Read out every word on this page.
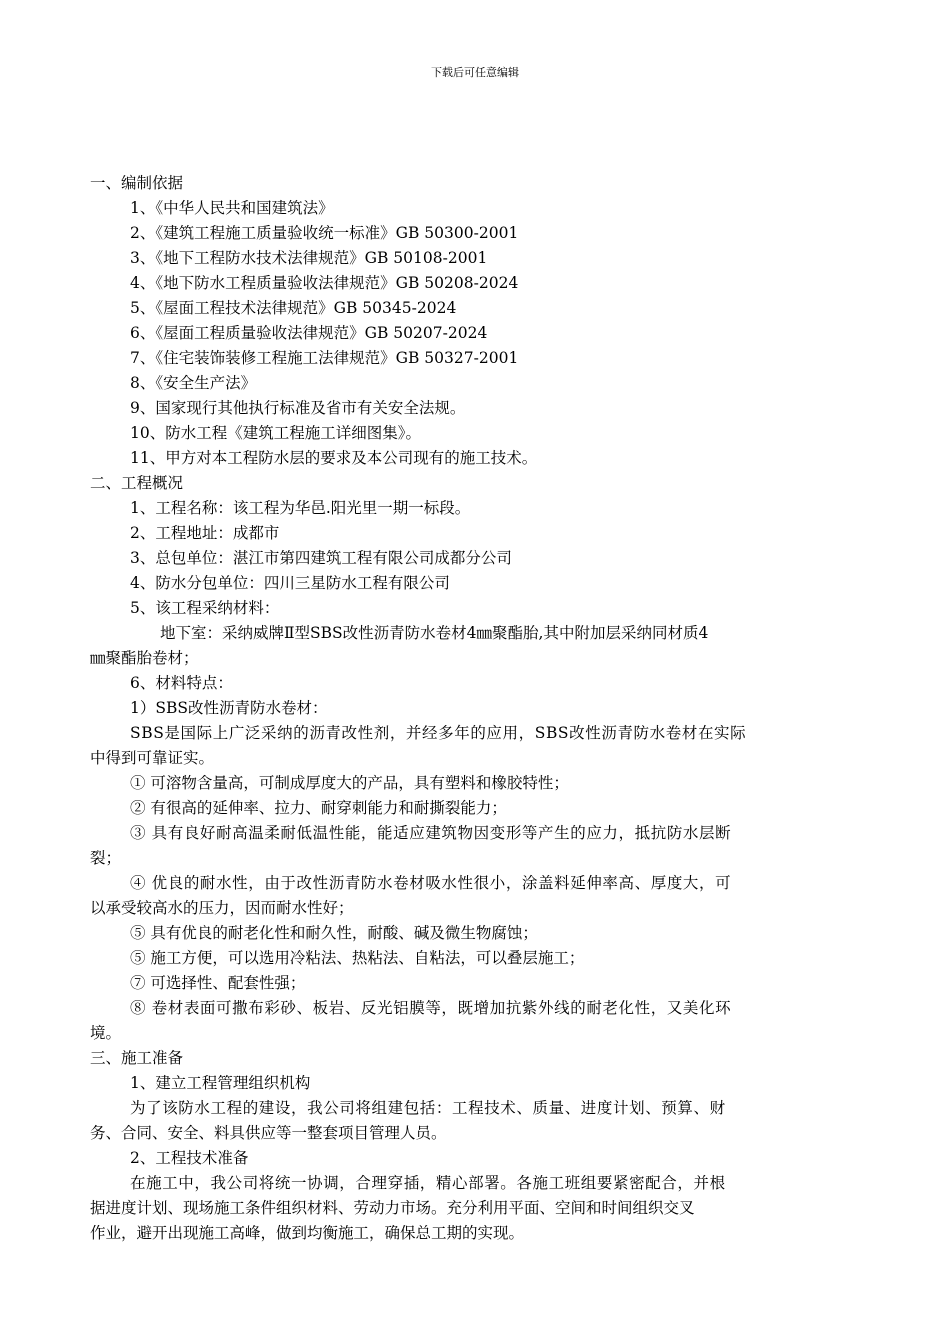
下载后可任意编辑
一、编制依据
1、《中华人民共和国建筑法》
2、《建筑工程施工质量验收统一标准》GB 50300-2001
3、《地下工程防水技术法律规范》GB 50108-2001
4、《地下防水工程质量验收法律规范》GB 50208-2024
5、《屋面工程技术法律规范》GB 50345-2024
6、《屋面工程质量验收法律规范》GB 50207-2024
7、《住宅装饰装修工程施工法律规范》GB 50327-2001
8、《安全生产法》
9、国家现行其他执行标准及省市有关安全法规。
10、防水工程《建筑工程施工详细图集》。
11、甲方对本工程防水层的要求及本公司现有的施工技术。
二、工程概况
1、工程名称：该工程为华邑.阳光里一期一标段。
2、工程地址：成都市
3、总包单位：湛江市第四建筑工程有限公司成都分公司
4、防水分包单位：四川三星防水工程有限公司
5、该工程采纳材料：
地下室：采纳威牌Ⅱ型SBS改性沥青防水卷材4㎜聚酯胎,其中附加层采纳同材质4
㎜聚酯胎卷材；
6、材料特点：
1）SBS改性沥青防水卷材：
SBS是国际上广泛采纳的沥青改性剂，并经多年的应用，SBS改性沥青防水卷材在实际
中得到可靠证实。
① 可溶物含量高，可制成厚度大的产品，具有塑料和橡胶特性；
② 有很高的延伸率、拉力、耐穿刺能力和耐撕裂能力；
③ 具有良好耐高温柔耐低温性能，能适应建筑物因变形等产生的应力，抵抗防水层断
裂；
④ 优良的耐水性，由于改性沥青防水卷材吸水性很小，涂盖料延伸率高、厚度大，可
以承受较高水的压力，因而耐水性好；
⑤ 具有优良的耐老化性和耐久性，耐酸、碱及微生物腐蚀；
⑤ 施工方便，可以选用冷粘法、热粘法、自粘法，可以叠层施工；
⑦ 可选择性、配套性强；
⑧ 卷材表面可撒布彩砂、板岩、反光铝膜等，既增加抗紫外线的耐老化性，又美化环
境。
三、施工准备
1、建立工程管理组织机构
为了该防水工程的建设，我公司将组建包括：工程技术、质量、进度计划、预算、财
务、合同、安全、料具供应等一整套项目管理人员。
2、工程技术准备
在施工中，我公司将统一协调，合理穿插，精心部署。各施工班组要紧密配合，并根
据进度计划、现场施工条件组织材料、劳动力市场。充分利用平面、空间和时间组织交叉
作业，避开出现施工高峰，做到均衡施工，确保总工期的实现。
